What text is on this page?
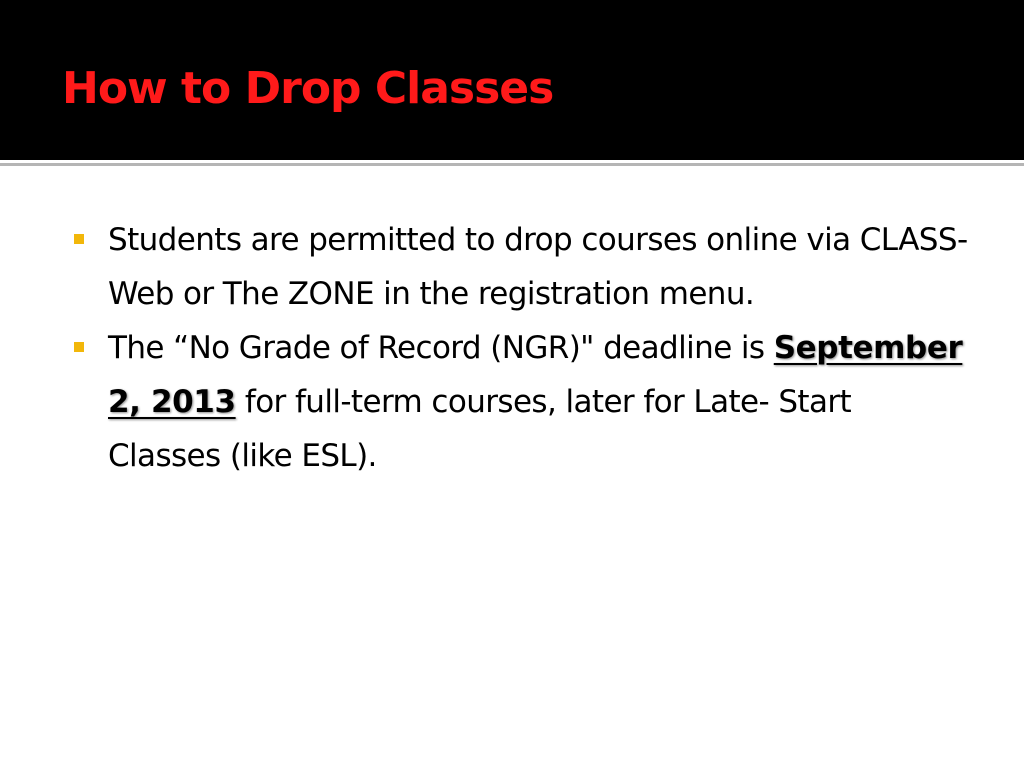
How to Drop Classes
Students are permitted to drop courses online via CLASS-Web or The ZONE in the registration menu.
The “No Grade of Record (NGR)" deadline is September 2, 2013 for full-term courses, later for Late- Start Classes (like ESL).
